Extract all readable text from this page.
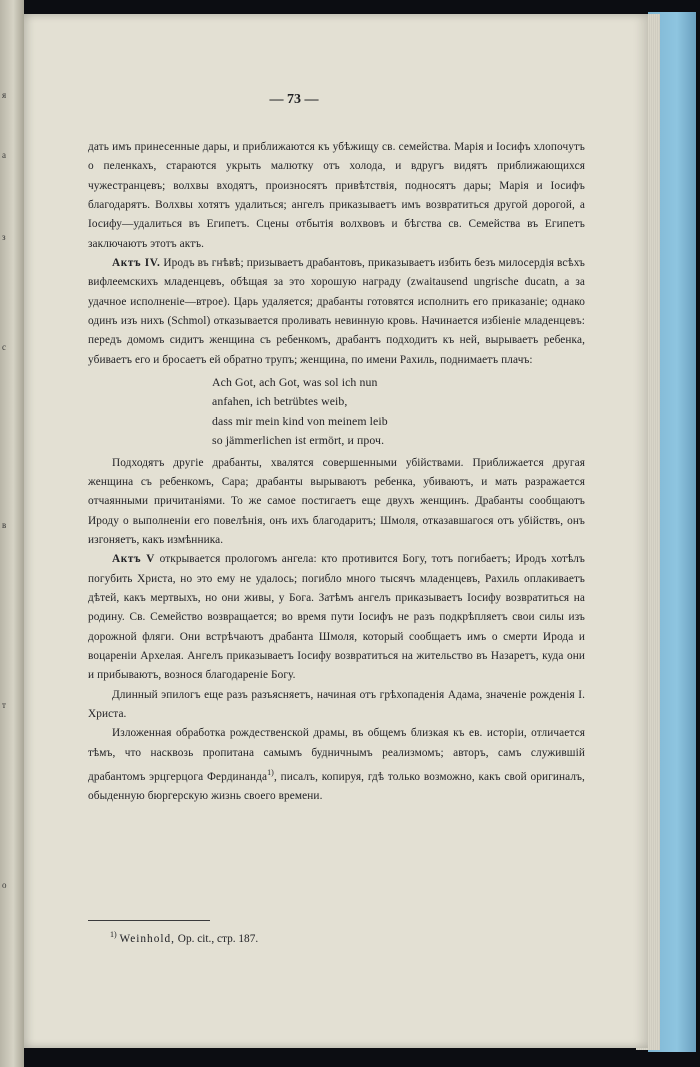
я
а
з
с
в
т
о
— 73 —

дать имъ принесенные дары, и приближаются къ убѣжищу св. семейства. Марія и Іосифъ хлопочутъ о пеленкахъ, стараются укрыть малютку отъ холода, и вдругъ видятъ приближающихся чужестранцевъ; волхвы входятъ, произносятъ привѣтствія, подносятъ дары; Марія и Іосифъ благодарятъ. Волхвы хотятъ удалиться; ангелъ приказываетъ имъ возвратиться другой дорогой, а Іосифу—удалиться въ Египетъ. Сцены отбытія волхвовъ и бѣгства св. Семейства въ Египетъ заключаютъ этотъ актъ.

Актъ IV. Иродъ въ гнѣвѣ; призываетъ драбантовъ, приказываетъ избить безъ милосердія всѣхъ вифлеемскихъ младенцевъ, обѣщая за это хорошую награду (zwaitausend ungrische ducatn, а за удачное исполненіе—втрое). Царь удаляется; драбанты готовятся исполнить его приказаніе; однако одинъ изъ нихъ (Schmol) отказывается проливать невинную кровь. Начинается избіеніе младенцевъ: передъ домомъ сидитъ женщина съ ребенкомъ, драбантъ подходитъ къ ней, вырываетъ ребенка, убиваетъ его и бросаетъ ей обратно трупъ; женщина, по имени Рахиль, поднимаетъ плачъ:

Ach Got, ach Got, was sol ich nun
anfahen, ich betrübtes weib,
dass mir mein kind von meinem leib
so jämmerlichen ist ermört, и проч.

Подходятъ другіе драбанты, хвалятся совершенными убійствами. Приближается другая женщина съ ребенкомъ, Сара; драбанты вырываютъ ребенка, убиваютъ, и мать разражается отчаянными причитаніями. То же самое постигаетъ еще двухъ женщинъ. Драбанты сообщаютъ Ироду о выполненіи его повелѣнія, онъ ихъ благодаритъ; Шмоля, отказавшагося отъ убійствъ, онъ изгоняетъ, какъ измѣнника.

Актъ V открывается прологомъ ангела: кто противится Богу, тотъ погибаетъ; Иродъ хотѣлъ погубить Христа, но это ему не удалось; погибло много тысячъ младенцевъ, Рахиль оплакиваетъ дѣтей, какъ мертвыхъ, но они живы, у Бога. Затѣмъ ангелъ приказываетъ Іосифу возвратиться на родину. Св. Семейство возвращается; во время пути Іосифъ не разъ подкрѣпляетъ свои силы изъ дорожной фляги. Они встрѣчаютъ драбанта Шмоля, который сообщаетъ имъ о смерти Ирода и воцареніи Архелая. Ангелъ приказываетъ Іосифу возвратиться на жительство въ Назаретъ, куда они и прибываютъ, вознося благодареніе Богу.

Длинный эпилогъ еще разъ разъясняетъ, начиная отъ грѣхопаденія Адама, значеніе рожденія І. Христа.

Изложенная обработка рождественской драмы, въ общемъ близкая къ ев. исторіи, отличается тѣмъ, что насквозь пропитана самымъ будничнымъ реализмомъ; авторъ, самъ служившій драбантомъ эрцгерцога Фердинанда$^{1)}$, писалъ, копируя, гдѣ только возможно, какъ свой оригиналъ, обыденную бюргерскую жизнь своего времени.

$^{1)}$ Weinhold, Op. cit., стр. 187.
